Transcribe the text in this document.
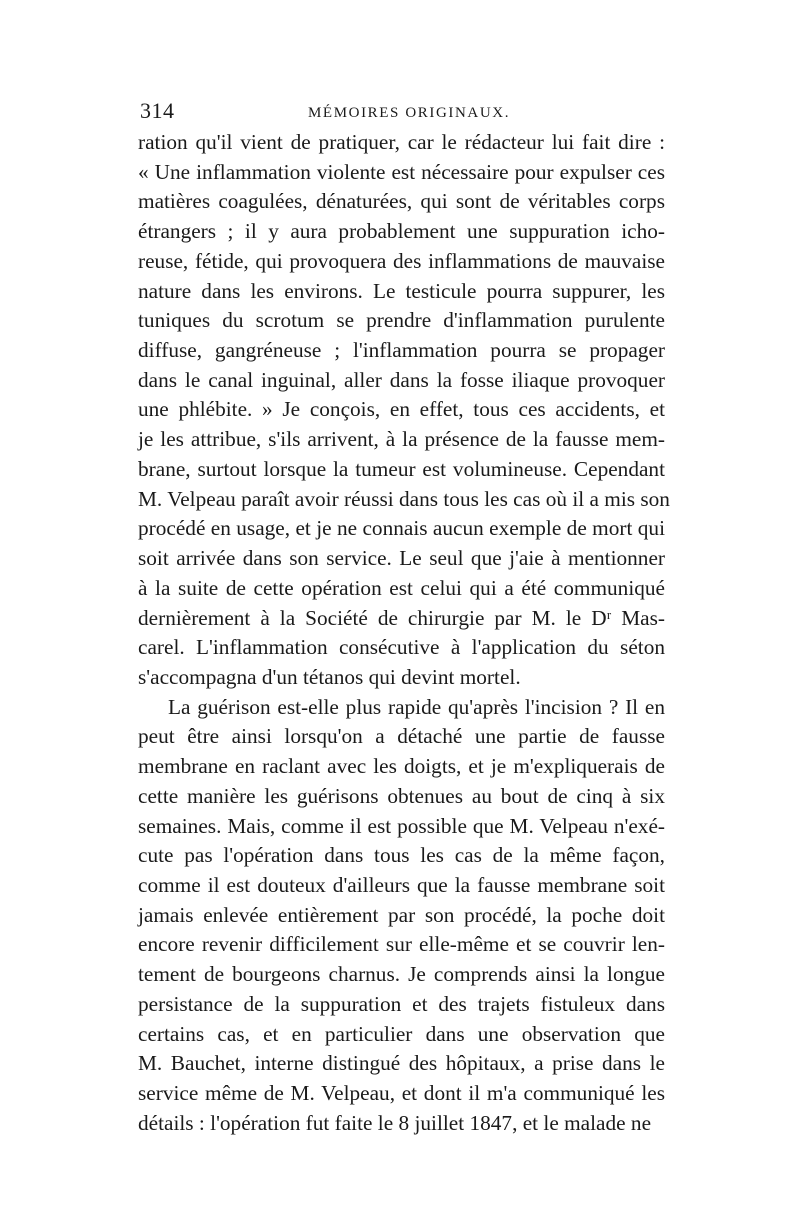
314	MÉMOIRES ORIGINAUX.
ration qu'il vient de pratiquer, car le rédacteur lui fait dire :
« Une inflammation violente est nécessaire pour expulser ces
matières coagulées, dénaturées, qui sont de véritables corps
étrangers ; il y aura probablement une suppuration icho-
reuse, fétide, qui provoquera des inflammations de mauvaise
nature dans les environs. Le testicule pourra suppurer, les
tuniques du scrotum se prendre d'inflammation purulente
diffuse, gangréneuse ; l'inflammation pourra se propager
dans le canal inguinal, aller dans la fosse iliaque provoquer
une phlébite. » Je conçois, en effet, tous ces accidents, et
je les attribue, s'ils arrivent, à la présence de la fausse mem-
brane, surtout lorsque la tumeur est volumineuse. Cependant
M. Velpeau paraît avoir réussi dans tous les cas où il a mis son
procédé en usage, et je ne connais aucun exemple de mort qui
soit arrivée dans son service. Le seul que j'aie à mentionner
à la suite de cette opération est celui qui a été communiqué
dernièrement à la Société de chirurgie par M. le Dʳ Mas-
carel. L'inflammation consécutive à l'application du séton
s'accompagna d'un tétanos qui devint mortel.
La guérison est-elle plus rapide qu'après l'incision ? Il en
peut être ainsi lorsqu'on a détaché une partie de fausse
membrane en raclant avec les doigts, et je m'expliquerais de
cette manière les guérisons obtenues au bout de cinq à six
semaines. Mais, comme il est possible que M. Velpeau n'exé-
cute pas l'opération dans tous les cas de la même façon,
comme il est douteux d'ailleurs que la fausse membrane soit
jamais enlevée entièrement par son procédé, la poche doit
encore revenir difficilement sur elle-même et se couvrir len-
tement de bourgeons charnus. Je comprends ainsi la longue
persistance de la suppuration et des trajets fistuleux dans
certains cas, et en particulier dans une observation que
M. Bauchet, interne distingué des hôpitaux, a prise dans le
service même de M. Velpeau, et dont il m'a communiqué les
détails : l'opération fut faite le 8 juillet 1847, et le malade ne
